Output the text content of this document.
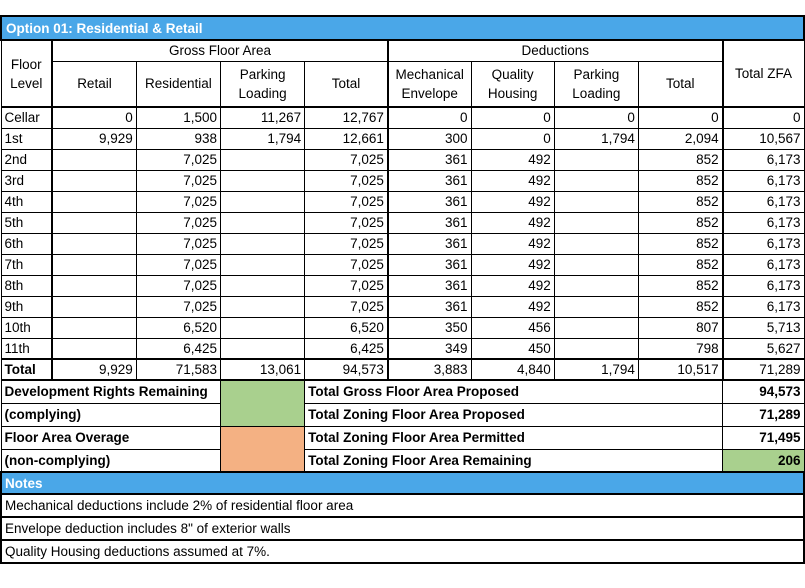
Option 01: Residential & Retail									
Floor Level	Gross Floor Area				Deductions				Total ZFA
	Retail	Residential	Parking Loading	Total	Mechanical Envelope	Quality Housing	Parking Loading	Total	
Cellar	0	1,500	11,267	12,767	0	0	0	0	0
1st	9,929	938	1,794	12,661	300	0	1,794	2,094	10,567
2nd		7,025		7,025	361	492		852	6,173
3rd		7,025		7,025	361	492		852	6,173
4th		7,025		7,025	361	492		852	6,173
5th		7,025		7,025	361	492		852	6,173
6th		7,025		7,025	361	492		852	6,173
7th		7,025		7,025	361	492		852	6,173
8th		7,025		7,025	361	492		852	6,173
9th		7,025		7,025	361	492		852	6,173
10th		6,520		6,520	350	456		807	5,713
11th		6,425		6,425	349	450		798	5,627
Total	9,929	71,583	13,061	94,573	3,883	4,840	1,794	10,517	71,289
Development Rights Remaining				Total Gross Floor Area Proposed					94,573
(complying)				Total Zoning Floor Area Proposed					71,289
Floor Area Overage				Total Zoning Floor Area Permitted					71,495
(non-complying)				Total Zoning Floor Area Remaining					206
Notes									
Mechanical deductions include 2% of residential floor area									
Envelope deduction includes 8" of exterior walls									
Quality Housing deductions assumed at 7%.									
